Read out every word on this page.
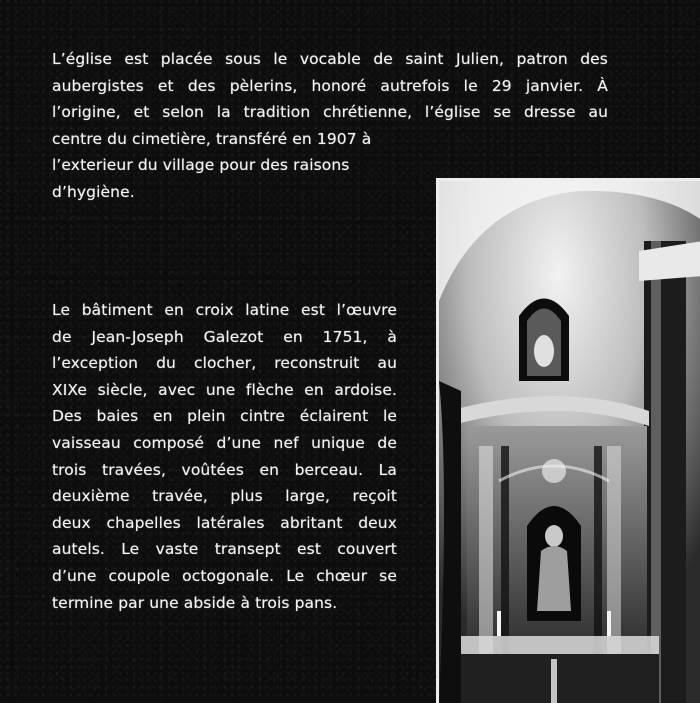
L’église est placée sous le vocable de saint Julien, patron des
aubergistes et des pèlerins, honoré autrefois le 29 janvier. À
l’origine, et selon la tradition chrétienne, l’église se dresse au
centre du cimetière, transféré en 1907 à
l’exterieur du village pour des raisons
d’hygiène.
Le bâtiment en croix latine est l’œuvre
de Jean-Joseph Galezot en 1751, à
l’exception du clocher, reconstruit au
XIXe siècle, avec une flèche en ardoise.
Des baies en plein cintre éclairent le
vaisseau composé d’une nef unique de
trois travées, voûtées en berceau. La
deuxième travée, plus large, reçoit
deux chapelles latérales abritant deux
autels. Le vaste transept est couvert
d’une coupole octogonale. Le chœur se
termine par une abside à trois pans.
